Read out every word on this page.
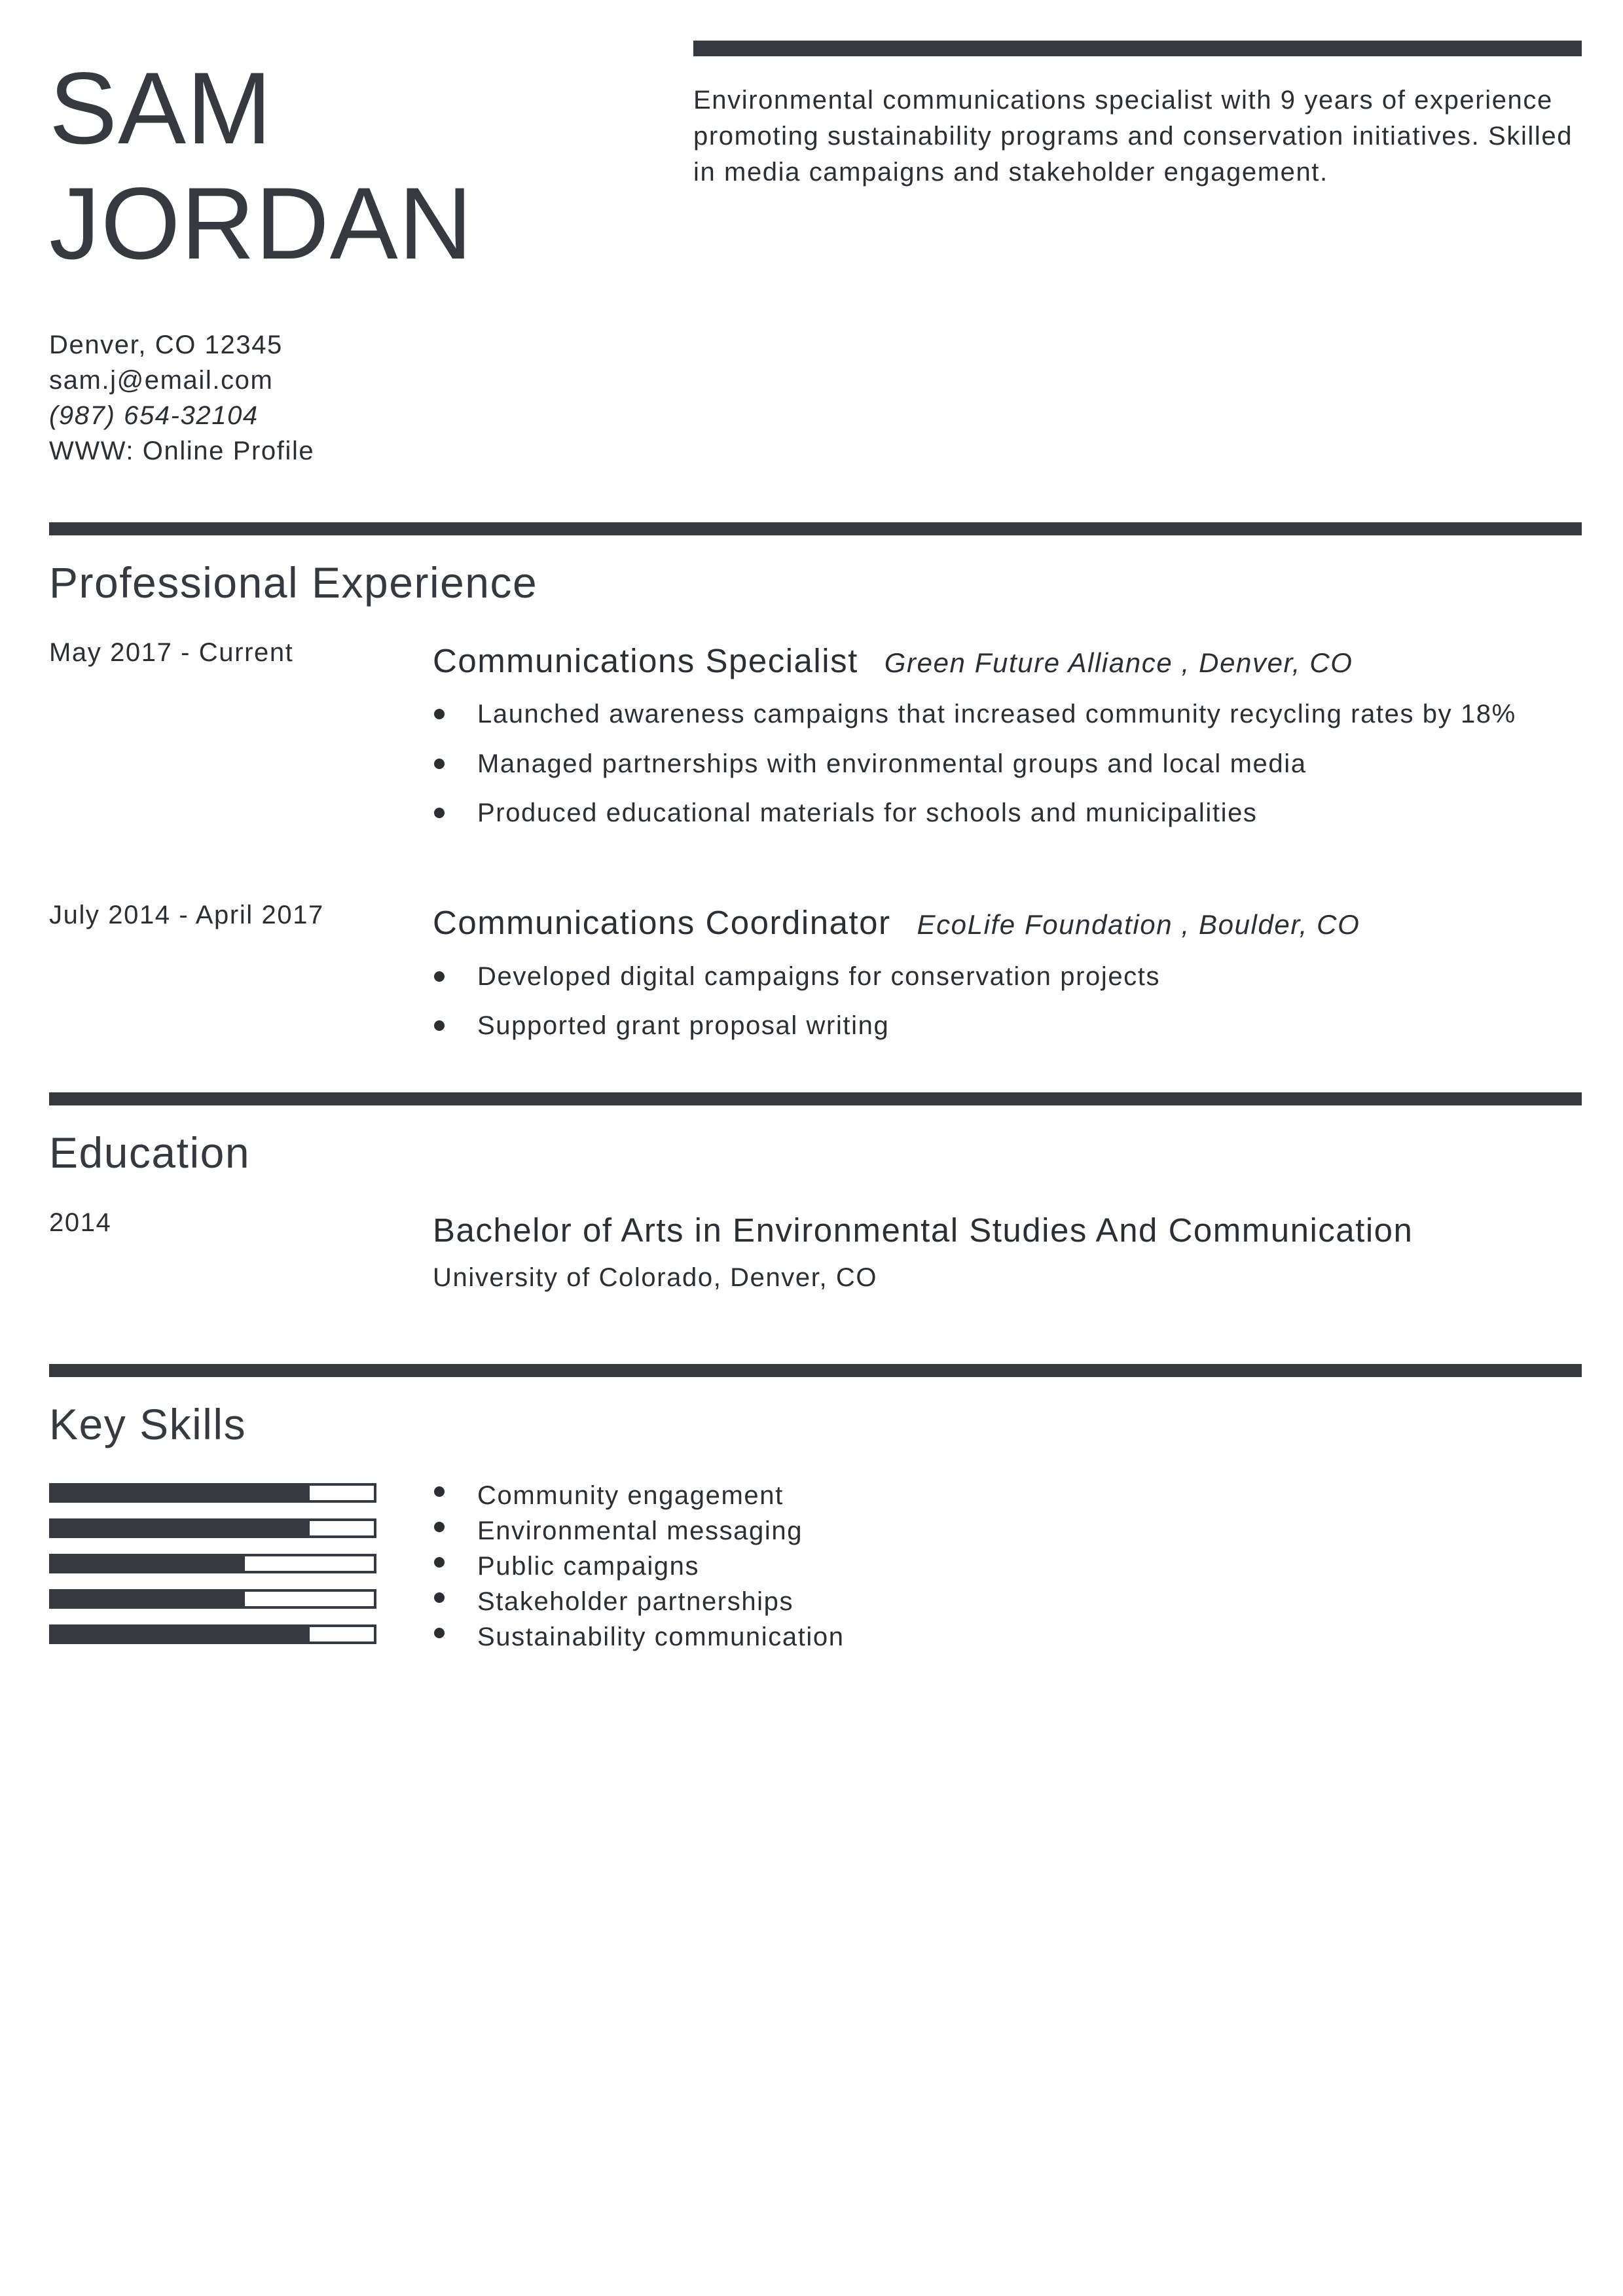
SAM
JORDAN
Environmental communications specialist with 9 years of experience promoting sustainability programs and conservation initiatives. Skilled in media campaigns and stakeholder engagement.
Denver, CO 12345
sam.j@email.com
(987) 654-32104
WWW: Online Profile
Professional Experience
May 2017 - Current	Communications Specialist Green Future Alliance , Denver, CO
Launched awareness campaigns that increased community recycling rates by 18%
Managed partnerships with environmental groups and local media
Produced educational materials for schools and municipalities
July 2014 - April 2017	Communications Coordinator EcoLife Foundation , Boulder, CO
Developed digital campaigns for conservation projects
Supported grant proposal writing
Education
2014	Bachelor of Arts in Environmental Studies And Communication
University of Colorado, Denver, CO
Key Skills
Community engagement
Environmental messaging
Public campaigns
Stakeholder partnerships
Sustainability communication
